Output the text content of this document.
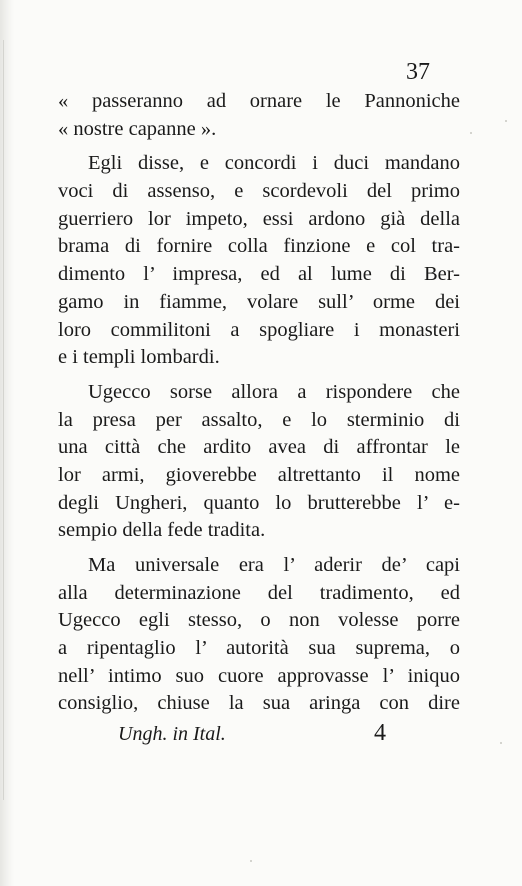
37
« passeranno ad ornare le Pannoniche
« nostre capanne ».
Egli disse, e concordi i duci mandano
voci di assenso, e scordevoli del primo
guerriero lor impeto, essi ardono già della
brama di fornire colla finzione e col tra-
dimento l’ impresa, ed al lume di Ber-
gamo in fiamme, volare sull’ orme dei
loro commilitoni a spogliare i monasteri
e i templi lombardi.
Ugecco sorse allora a rispondere che
la presa per assalto, e lo sterminio di
una città che ardito avea di affrontar le
lor armi, gioverebbe altrettanto il nome
degli Ungheri, quanto lo brutterebbe l’ e-
sempio della fede tradita.
Ma universale era l’ aderir de’ capi
alla determinazione del tradimento, ed
Ugecco egli stesso, o non volesse porre
a ripentaglio l’ autorità sua suprema, o
nell’ intimo suo cuore approvasse l’ iniquo
consiglio, chiuse la sua aringa con dire
Ungh. in Ital.	4
